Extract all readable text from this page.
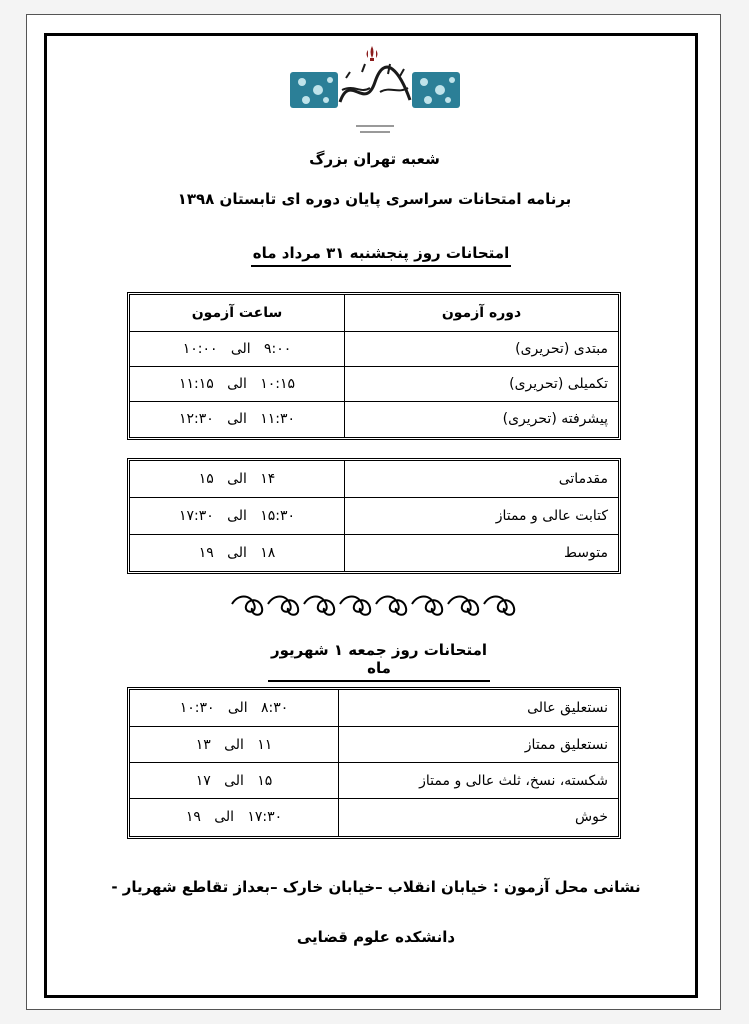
شعبه تهران بزرگ
برنامه امتحانات سراسری پایان دوره ای تابستان ۱۳۹۸
امتحانات روز پنجشنبه ۳۱ مرداد ماه
دوره آزمون
ساعت آزمون
مبتدی (تحریری)
۹:۰۰   الی   ۱۰:۰۰
تکمیلی (تحریری)
۱۰:۱۵   الی   ۱۱:۱۵
پیشرفته (تحریری)
۱۱:۳۰   الی   ۱۲:۳۰
مقدماتی
۱۴   الی   ۱۵
کتابت عالی و ممتاز
۱۵:۳۰   الی   ۱۷:۳۰
متوسط
۱۸   الی   ۱۹
امتحانات روز جمعه ۱ شهریور ماه
نستعلیق عالی
۸:۳۰   الی   ۱۰:۳۰
نستعلیق ممتاز
۱۱   الی   ۱۳
شکسته، نسخ، ثلث عالی و ممتاز
۱۵   الی   ۱۷
خوش
۱۷:۳۰   الی   ۱۹
نشانی محل آزمون : خیابان انقلاب –خیابان خارک –بعداز تقاطع شهریار - دانشکده علوم قضایی
